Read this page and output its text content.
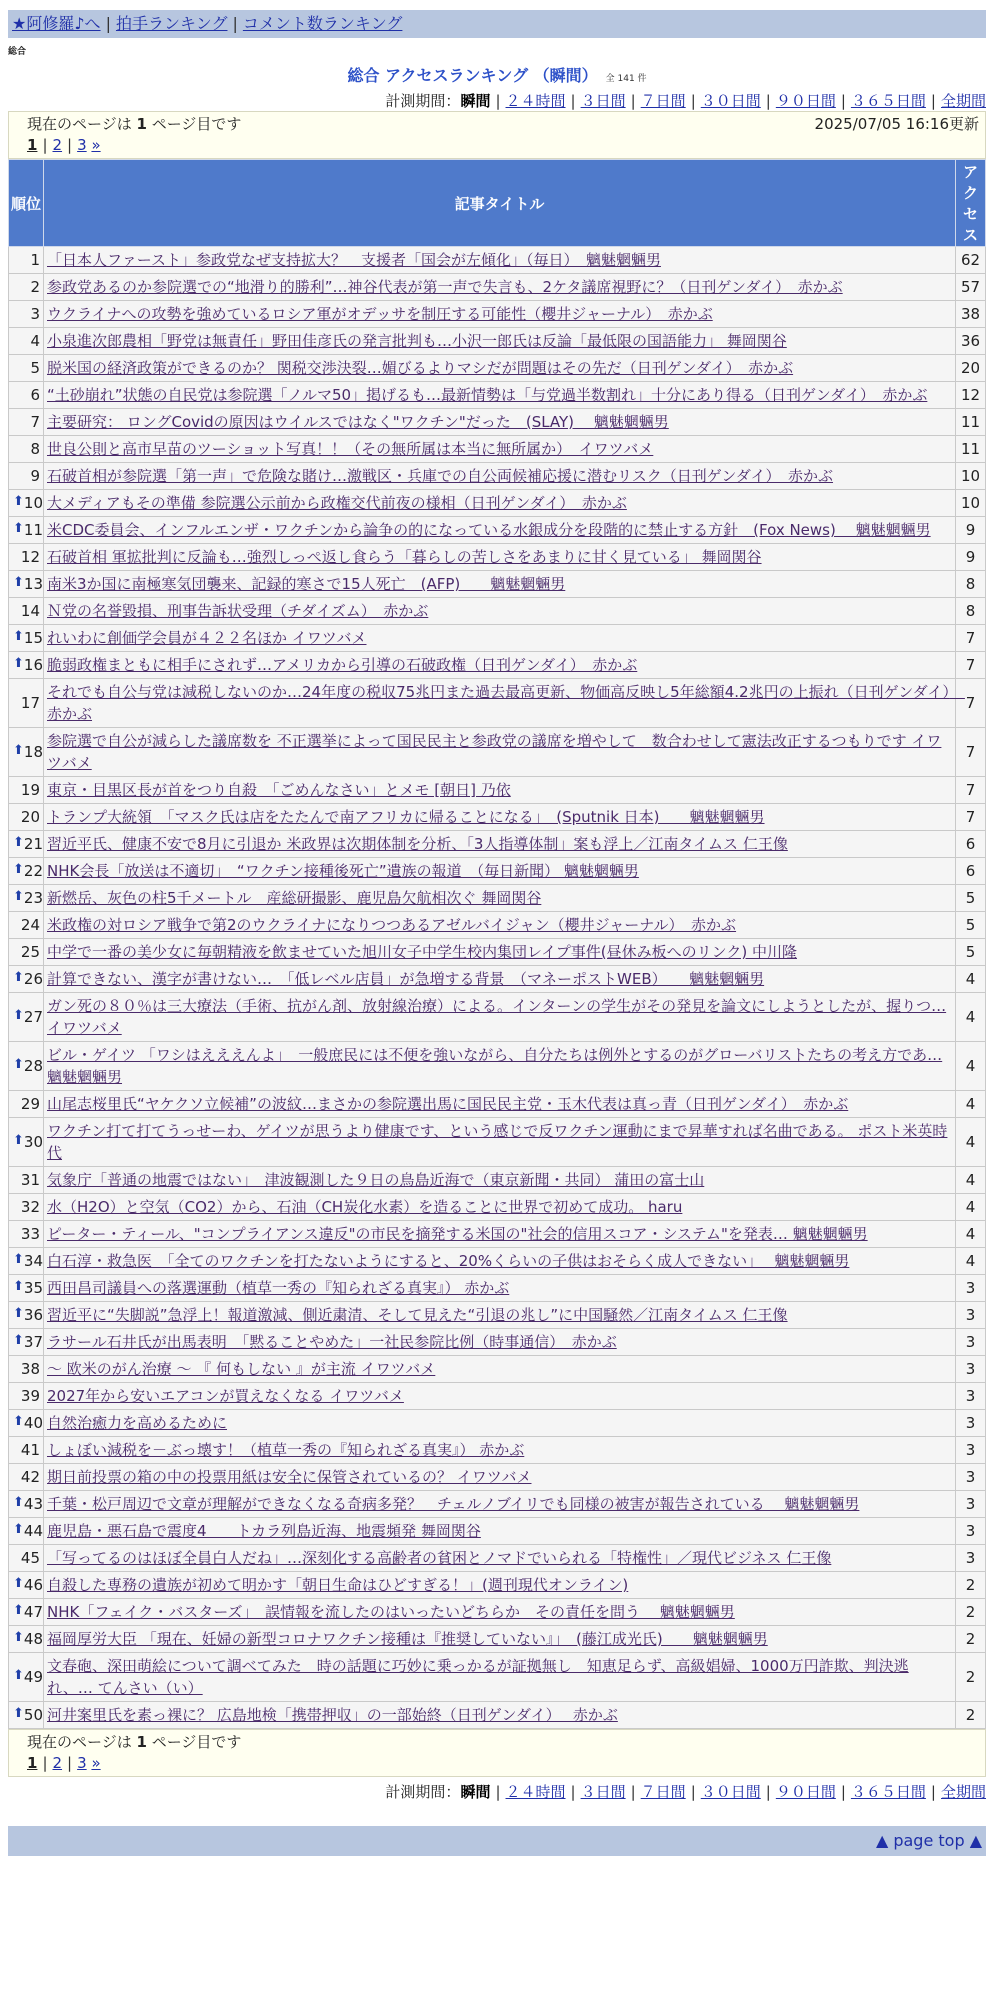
★阿修羅♪へ | 拍手ランキング | コメント数ランキング
総合
総合 アクセスランキング （瞬間） 全 141 件
計測期間：瞬間 | ２４時間 | ３日間 | ７日間 | ３０日間 | ９０日間 | ３６５日間 | 全期間
現在のページは 1 ページ目です	2025/07/05 16:16更新
1 | 2 | 3 »
順位	記事タイトル	アクセス
1	「日本人ファースト」参政党なぜ支持拡大？　支援者「国会が左傾化」（毎日）　魑魅魍魎男	62
2	参政党あるのか参院選での“地滑り的勝利”…神谷代表が第一声で失言も、2ケタ議席視野に？（日刊ゲンダイ）　赤かぶ	57
3	ウクライナへの攻勢を強めているロシア軍がオデッサを制圧する可能性（櫻井ジャーナル）　赤かぶ	38
4	小泉進次郎農相「野党は無責任」野田佳彦氏の発言批判も…小沢一郎氏は反論「最低限の国語能力」 舞岡関谷	36
5	脱米国の経済政策ができるのか？ 関税交渉決裂…媚びるよりマシだが問題はその先だ（日刊ゲンダイ）　赤かぶ	20
6	“土砂崩れ”状態の自民党は参院選「ノルマ50」掲げるも…最新情勢は「与党過半数割れ」十分にあり得る（日刊ゲンダイ）　赤かぶ	12
7	主要研究： ロングCovidの原因はウイルスではなく"ワクチン"だった　(SLAY)　 魑魅魍魎男	11
8	世良公則と高市早苗のツーショット写真！！（その無所属は本当に無所属か）　イワツバメ	11
9	石破首相が参院選「第一声」で危険な賭け…激戦区・兵庫での自公両候補応援に潜むリスク（日刊ゲンダイ）　赤かぶ	10

⬆ 10	大メディアもその準備 参院選公示前から政権交代前夜の様相（日刊ゲンダイ）　赤かぶ	10

⬆ 11	米CDC委員会、インフルエンザ・ワクチンから論争の的になっている水銀成分を段階的に禁止する方針　(Fox News)　 魑魅魍魎男	9
12	石破首相 軍拡批判に反論も…強烈しっぺ返し食らう「暮らしの苦しさをあまりに甘く見ている」 舞岡関谷	9

⬆ 13	南米3か国に南極寒気団襲来、記録的寒さで15人死亡　(AFP)　　魑魅魍魎男	8
14	Ｎ党の名誉毀損、刑事告訴状受理（チダイズム）　赤かぶ	8

⬆ 15	れいわに創価学会員が４２２名ほか イワツバメ	7

⬆ 16	脆弱政権まともに相手にされず…アメリカから引導の石破政権（日刊ゲンダイ）　赤かぶ	7
17	それでも自公与党は減税しないのか…24年度の税収75兆円また過去最高更新、物価高反映し5年総額4.2兆円の上振れ（日刊ゲンダイ）　赤かぶ	7

⬆ 18	参院選で自公が減らした議席数を 不正選挙によって国民民主と参政党の議席を増やして　数合わせして憲法改正するつもりです イワツバメ	7
19	東京・目黒区長が首をつり自殺　「ごめんなさい」とメモ [朝日] 乃依	7
20	トランプ大統領　「マスク氏は店をたたんで南アフリカに帰ることになる」　(Sputnik 日本)　　魑魅魍魎男	7

⬆ 21	習近平氏、健康不安で8月に引退か 米政界は次期体制を分析、「3人指導体制」案も浮上／江南タイムス 仁王像	6

⬆ 22	NHK会長「放送は不適切」　“ワクチン接種後死亡”遺族の報道　（毎日新聞） 魑魅魍魎男	6

⬆ 23	新燃岳、灰色の柱5千メートル　産総研撮影、鹿児島欠航相次ぐ 舞岡関谷	5
24	米政権の対ロシア戦争で第2のウクライナになりつつあるアゼルバイジャン（櫻井ジャーナル）　赤かぶ	5
25	中学で一番の美少女に毎朝精液を飲ませていた旭川女子中学生校内集団レイプ事件(昼休み板へのリンク) 中川隆	5

⬆ 26	計算できない、漢字が書けない…　「低レベル店員」が急増する背景　（マネーポストWEB）　　魑魅魍魎男	4

⬆ 27	ガン死の８０％は三大療法（手術、抗がん剤、放射線治療）による。インターンの学生がその発見を論文にしようとしたが、握りつ… イワツバメ	4

⬆ 28	ビル・ゲイツ 「ワシはえええんよ」　一般庶民には不便を強いながら、自分たちは例外とするのがグローバリストたちの考え方であ… 魑魅魍魎男	4
29	山尾志桜里氏“ヤケクソ立候補”の波紋…まさかの参院選出馬に国民民主党・玉木代表は真っ青（日刊ゲンダイ）　赤かぶ	4

⬆ 30	ワクチン打て打てうっせーわ、ゲイツが思うより健康です、という感じで反ワクチン運動にまで昇華すれば名曲である。 ポスト米英時代	4
31	気象庁「普通の地震ではない」　津波観測した９日の鳥島近海で（東京新聞・共同） 蒲田の富士山	4
32	水（H2O）と空気（CO2）から、石油（CH炭化水素）を造ることに世界で初めて成功。 haru	4
33	ピーター・ティール、"コンプライアンス違反"の市民を摘発する米国の"社会的信用スコア・システム"を発表… 魑魅魍魎男	4

⬆ 34	白石淳・救急医　「全てのワクチンを打たないようにすると、20%くらいの子供はおそらく成人できない」　 魑魅魍魎男	4

⬆ 35	西田昌司議員への落選運動（植草一秀の『知られざる真実』） 赤かぶ	3

⬆ 36	習近平に“失脚説”急浮上！報道激減、側近粛清、そして見えた“引退の兆し”に中国騒然／江南タイムス 仁王像	3

⬆ 37	ラサール石井氏が出馬表明　「黙ることやめた」一社民参院比例（時事通信）　赤かぶ	3
38	～ 欧米のがん治療 ～ 『 何もしない 』が主流 イワツバメ	3
39	2027年から安いエアコンが買えなくなる イワツバメ	3

⬆ 40	自然治癒力を高めるために	3
41	しょぼい減税を－ぶっ壊す！（植草一秀の『知られざる真実』） 赤かぶ	3
42	期日前投票の箱の中の投票用紙は安全に保管されているの？ イワツバメ	3

⬆ 43	千葉・松戸周辺で文章が理解ができなくなる奇病多発？　チェルノブイリでも同様の被害が報告されている　 魑魅魍魎男	3

⬆ 44	鹿児島・悪石島で震度4　　トカラ列島近海、地震頻発 舞岡関谷	3
45	「写ってるのはほぼ全員白人だね」…深刻化する高齢者の貧困とノマドでいられる「特権性」／現代ビジネス 仁王像	3

⬆ 46	自殺した専務の遺族が初めて明かす「朝日生命はひどすぎる！」(週刊現代オンライン)	2

⬆ 47	NHK「フェイク・バスターズ」　誤情報を流したのはいったいどちらか　その責任を問う　 魑魅魍魎男	2

⬆ 48	福岡厚労大臣 「現在、妊婦の新型コロナワクチン接種は『推奨していない』」　(藤江成光氏)　　魑魅魍魎男	2

⬆ 49	文春砲、深田萌絵について調べてみた　時の話題に巧妙に乗っかるが証拠無し　知恵足らず、高級娼婦、1000万円詐欺、判決逃れ、… てんさい（い）	2

⬆ 50	河井案里氏を素っ裸に？ 広島地検「携帯押収」の一部始終（日刊ゲンダイ）　 赤かぶ	2
現在のページは 1 ページ目です
1 | 2 | 3 »
計測期間：瞬間 | ２４時間 | ３日間 | ７日間 | ３０日間 | ９０日間 | ３６５日間 | 全期間
▲ page top ▲
